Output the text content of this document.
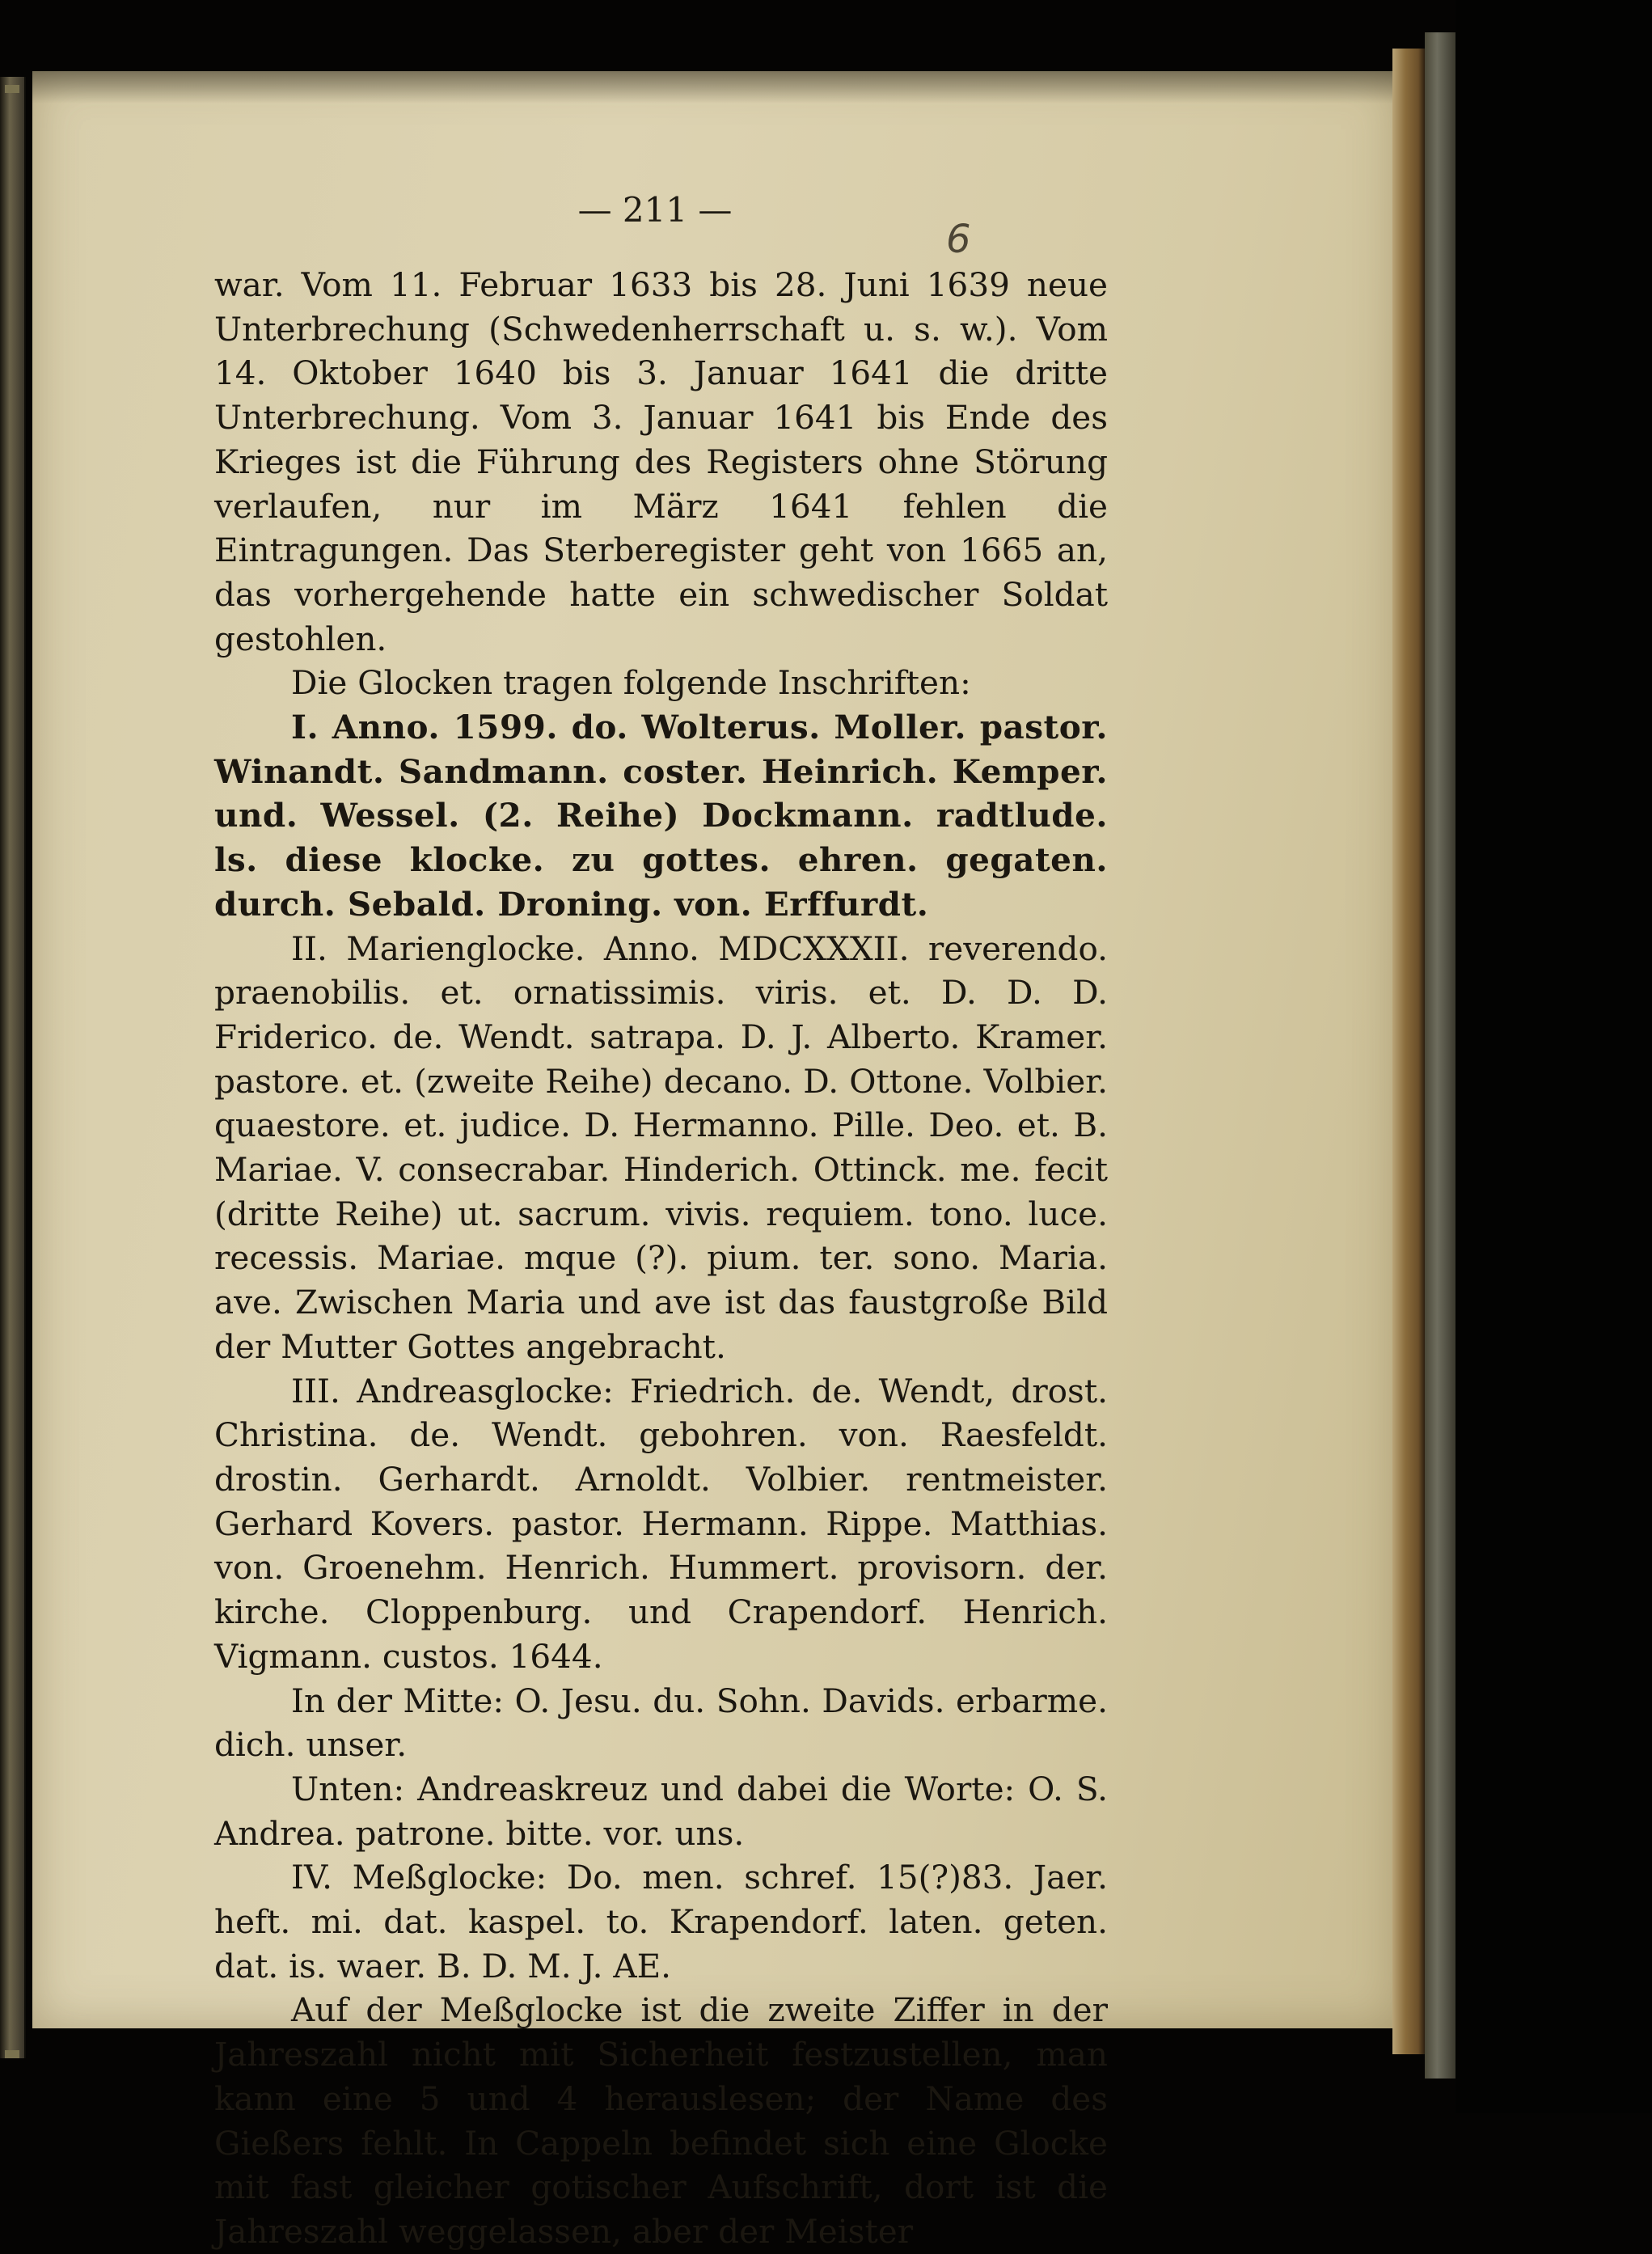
— 211 —
6

war. Vom 11. Februar 1633 bis 28. Juni 1639 neue Unterbrechung (Schwedenherrschaft u. s. w.). Vom 14. Oktober 1640 bis 3. Januar 1641 die dritte Unterbrechung. Vom 3. Januar 1641 bis Ende des Krieges ist die Führung des Registers ohne Störung verlaufen, nur im März 1641 fehlen die Eintragungen. Das Sterberegister geht von 1665 an, das vorhergehende hatte ein schwedischer Soldat gestohlen.

Die Glocken tragen folgende Inschriften:

I. Anno. 1599. do. Wolterus. Moller. pastor. Winandt. Sandmann. coster. Heinrich. Kemper. und. Wessel. (2. Reihe) Dockmann. radtlude. ls. diese klocke. zu gottes. ehren. gegaten. durch. Sebald. Droning. von. Erffurdt.

II. Marienglocke. Anno. MDCXXXII. reverendo. praenobilis. et. ornatissimis. viris. et. D. D. D. Friderico. de. Wendt. satrapa. D. J. Alberto. Kramer. pastore. et. (zweite Reihe) decano. D. Ottone. Volbier. quaestore. et. judice. D. Hermanno. Pille. Deo. et. B. Mariae. V. consecrabar. Hinderich. Ottinck. me. fecit (dritte Reihe) ut. sacrum. vivis. requiem. tono. luce. recessis. Mariae. mque (?). pium. ter. sono. Maria. ave. Zwischen Maria und ave ist das faustgroße Bild der Mutter Gottes angebracht.

III. Andreasglocke: Friedrich. de. Wendt, drost. Christina. de. Wendt. gebohren. von. Raesfeldt. drostin. Gerhardt. Arnoldt. Volbier. rentmeister. Gerhard Kovers. pastor. Hermann. Rippe. Matthias. von. Groenehm. Henrich. Hummert. provisorn. der. kirche. Cloppenburg. und Crapendorf. Henrich. Vigmann. custos. 1644.

In der Mitte: O. Jesu. du. Sohn. Davids. erbarme. dich. unser.

Unten: Andreaskreuz und dabei die Worte: O. S. Andrea. patrone. bitte. vor. uns.

IV. Meßglocke: Do. men. schref. 15(?)83. Jaer. heft. mi. dat. kaspel. to. Krapendorf. laten. geten. dat. is. waer. B. D. M. J. AE.

Auf der Meßglocke ist die zweite Ziffer in der Jahreszahl nicht mit Sicherheit festzustellen, man kann eine 5 und 4 herauslesen; der Name des Gießers fehlt. In Cappeln befindet sich eine Glocke mit fast gleicher gotischer Aufschrift, dort ist die Jahreszahl weggelassen, aber der Meister
